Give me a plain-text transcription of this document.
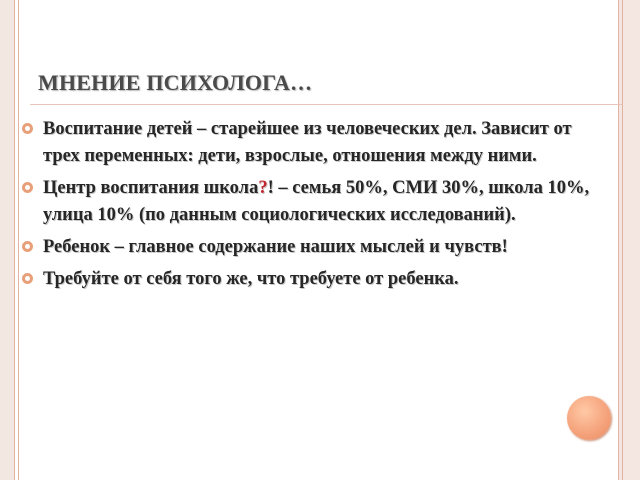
МНЕНИЕ ПСИХОЛОГА…
Воспитание детей – старейшее из человеческих дел. Зависит от трех переменных: дети, взрослые, отношения между ними.
Центр воспитания школа?! – семья 50%, СМИ 30%, школа 10%, улица 10% (по данным социологических исследований).
Ребенок – главное содержание наших мыслей и чувств!
Требуйте от себя того же, что требуете от ребенка.
